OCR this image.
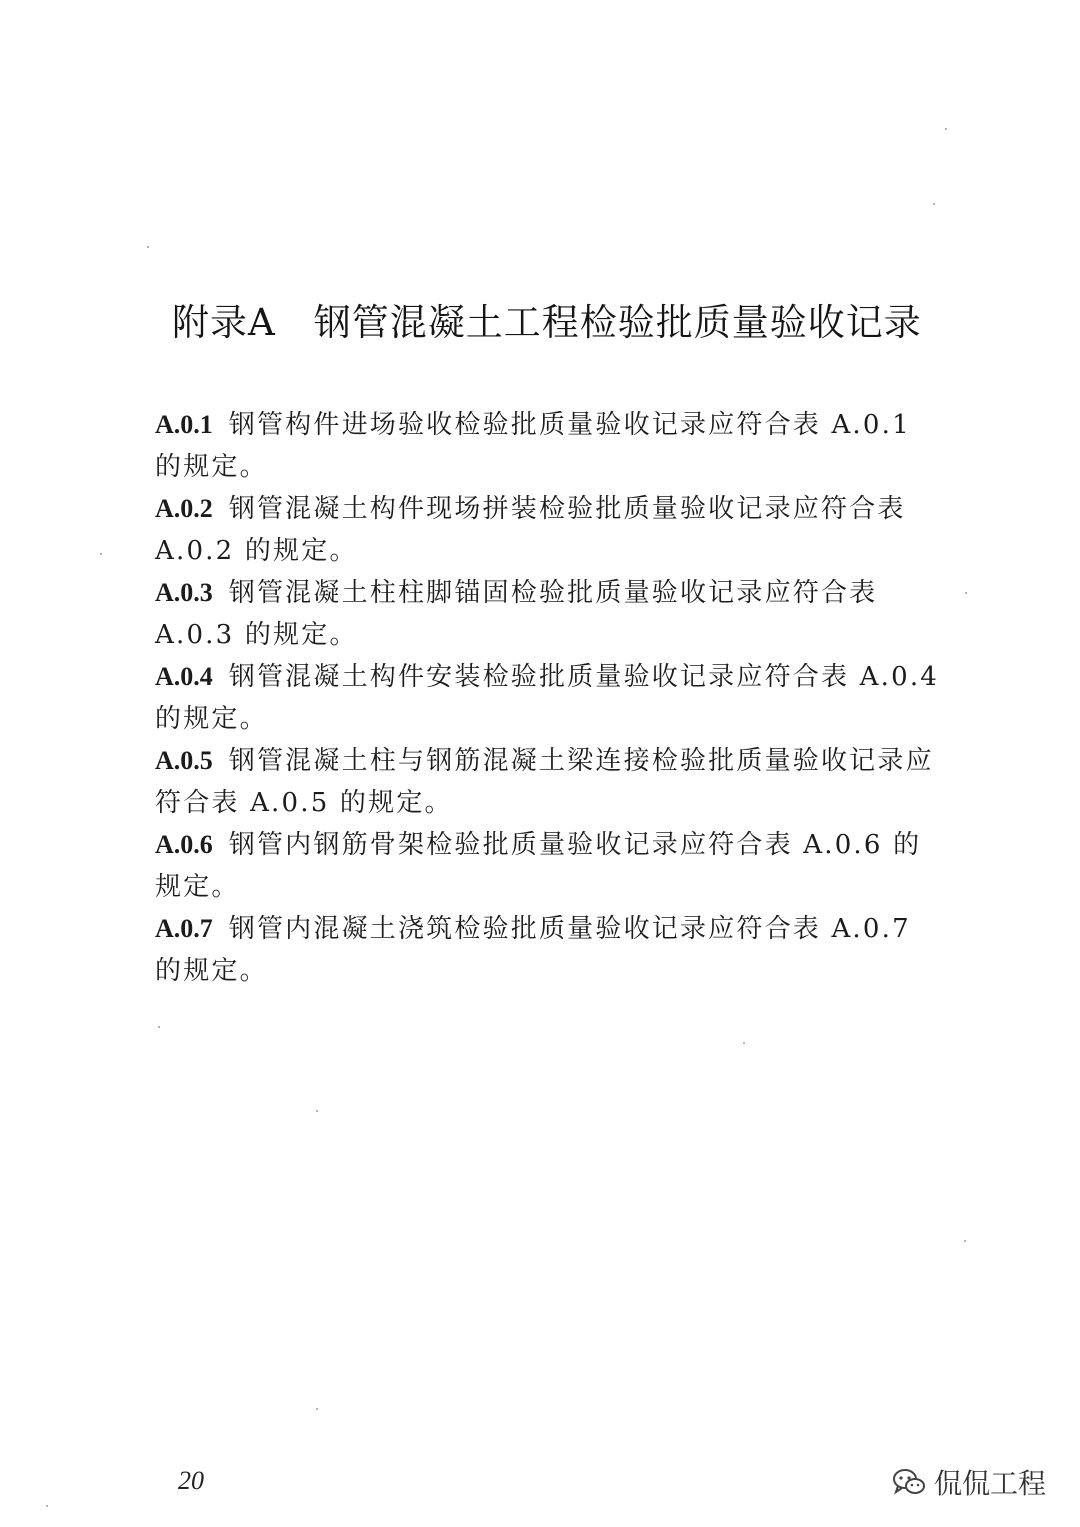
附录A 钢管混凝土工程检验批质量验收记录
A.0.1 钢管构件进场验收检验批质量验收记录应符合表 A.0.1 的规定。
A.0.2 钢管混凝土构件现场拼装检验批质量验收记录应符合表 A.0.2 的规定。
A.0.3 钢管混凝土柱柱脚锚固检验批质量验收记录应符合表 A.0.3 的规定。
A.0.4 钢管混凝土构件安装检验批质量验收记录应符合表 A.0.4 的规定。
A.0.5 钢管混凝土柱与钢筋混凝土梁连接检验批质量验收记录应符合表 A.0.5 的规定。
A.0.6 钢管内钢筋骨架检验批质量验收记录应符合表 A.0.6 的规定。
A.0.7 钢管内混凝土浇筑检验批质量验收记录应符合表 A.0.7 的规定。
20	侃侃工程
